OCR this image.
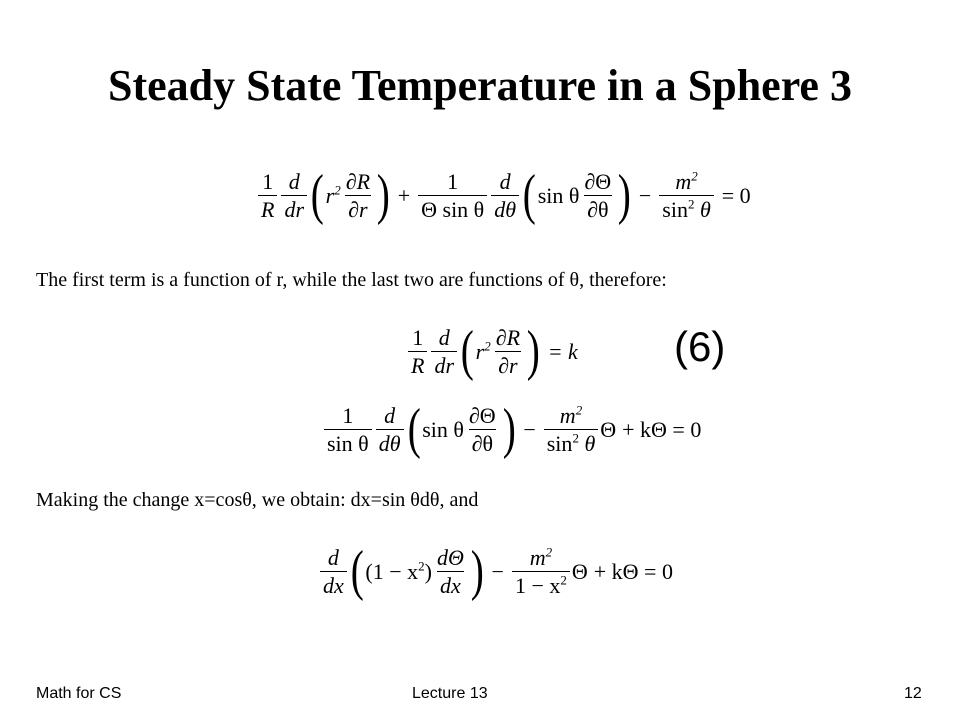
Steady State Temperature in a Sphere 3
$\frac{1}{R} \frac{d}{dr}$ ( $r^2 \frac{\partial R}{\partial r}$ ) + $\frac{1}{\text{Θ sin θ}} \frac{d}{d\theta}$ ( sin θ $\frac{\partial\Theta}{\partial\theta}$ ) − $\frac{m^2}{\sin^2 \theta} = 0$
The first term is a function of r, while the last two are functions of θ, therefore:
$\frac{1}{R} \frac{d}{dr}$ ( $r^2 \frac{\partial R}{\partial r}$ ) = k (6)
$\frac{1}{\text{sin θ}} \frac{d}{d\theta}$ ( sin θ $\frac{\partial\Theta}{\partial\theta}$ ) − $\frac{m^2}{\sin^2 \theta}$ Θ + kΘ = 0
Making the change x=cosθ, we obtain: dx=sin θdθ, and
$\frac{d}{dx}$ ( $(1 - x^2) \frac{d\Theta}{dx}$ ) − $\frac{m^2}{1 - x^2}$ Θ + kΘ = 0
Math for CS	Lecture 13	12
